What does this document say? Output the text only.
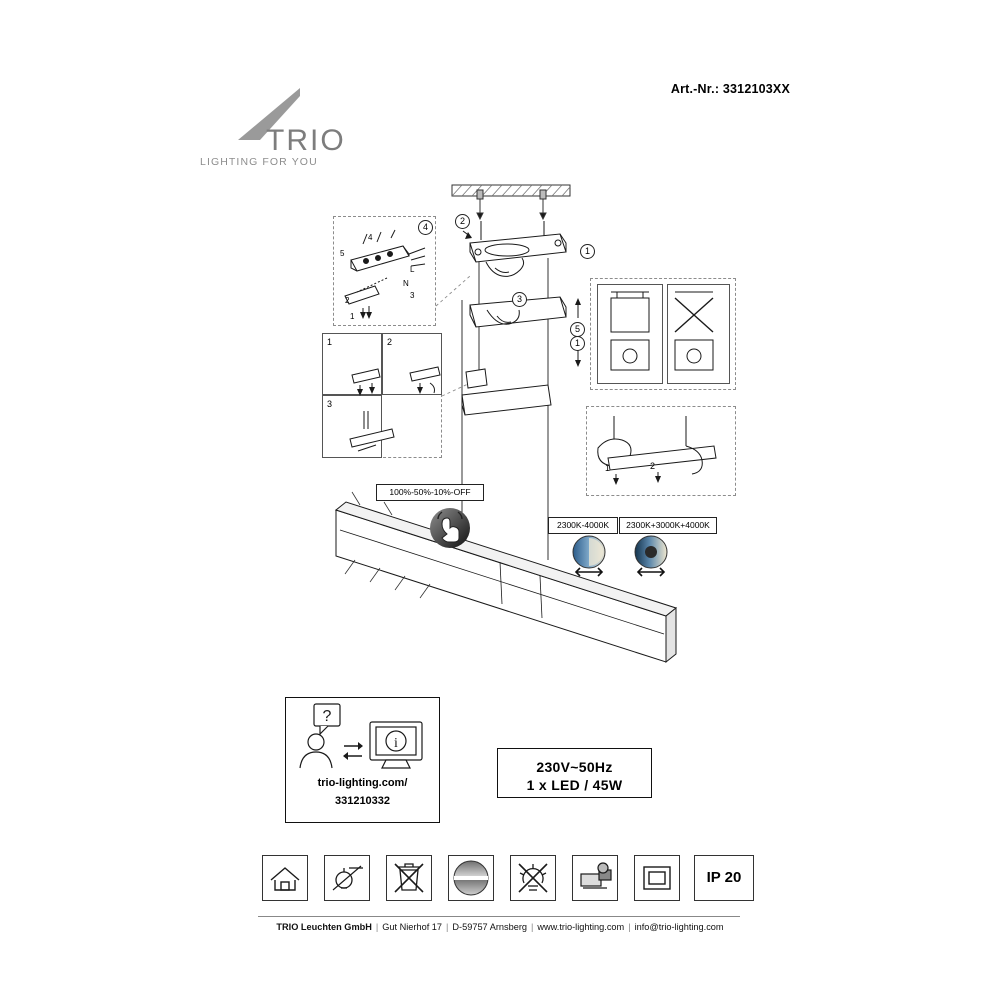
Art.-Nr.: 3312103XX
TRIO
LIGHTING FOR YOU
4
4
5
L
N
3
2
1
1	2
3
2
1
3
5
1
1	2
100%-50%-10%-OFF
2300K-4000K	2300K+3000K+4000K
?
i
trio-lighting.com/
331210332
230V~50Hz
1 x LED / 45W
IP 20
TRIO Leuchten GmbH | Gut Nierhof 17 | D-59757 Arnsberg | www.trio-lighting.com | info@trio-lighting.com
